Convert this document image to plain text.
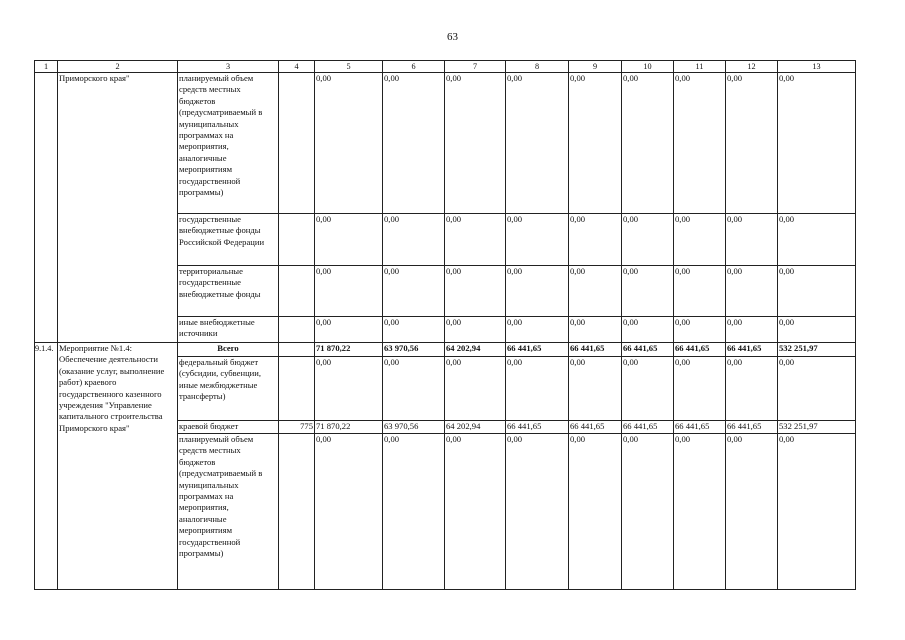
63
1	2	3	4	5	6	7	8	9	10	11	12	13
	Приморского края"	планируемый объем средств местных бюджетов (предусматриваемый в муниципальных программах на мероприятия, аналогичные мероприятиям государственной программы)		0,00	0,00	0,00	0,00	0,00	0,00	0,00	0,00	0,00
		государственные внебюджетные фонды Российской Федерации		0,00	0,00	0,00	0,00	0,00	0,00	0,00	0,00	0,00
		территориальные государственные внебюджетные фонды		0,00	0,00	0,00	0,00	0,00	0,00	0,00	0,00	0,00
		иные внебюджетные источники		0,00	0,00	0,00	0,00	0,00	0,00	0,00	0,00	0,00
9.1.4.	Мероприятие №1.4: Обеспечение деятельности (оказание услуг, выполнение работ) краевого государственного казенного учреждения "Управление капитального строительства Приморского края"	Всего		71 870,22	63 970,56	64 202,94	66 441,65	66 441,65	66 441,65	66 441,65	66 441,65	532 251,97
		федеральный бюджет (субсидии, субвенции, иные межбюджетные трансферты)		0,00	0,00	0,00	0,00	0,00	0,00	0,00	0,00	0,00
		краевой бюджет	775	71 870,22	63 970,56	64 202,94	66 441,65	66 441,65	66 441,65	66 441,65	66 441,65	532 251,97
		планируемый объем средств местных бюджетов (предусматриваемый в муниципальных программах на мероприятия, аналогичные мероприятиям государственной программы)		0,00	0,00	0,00	0,00	0,00	0,00	0,00	0,00	0,00
